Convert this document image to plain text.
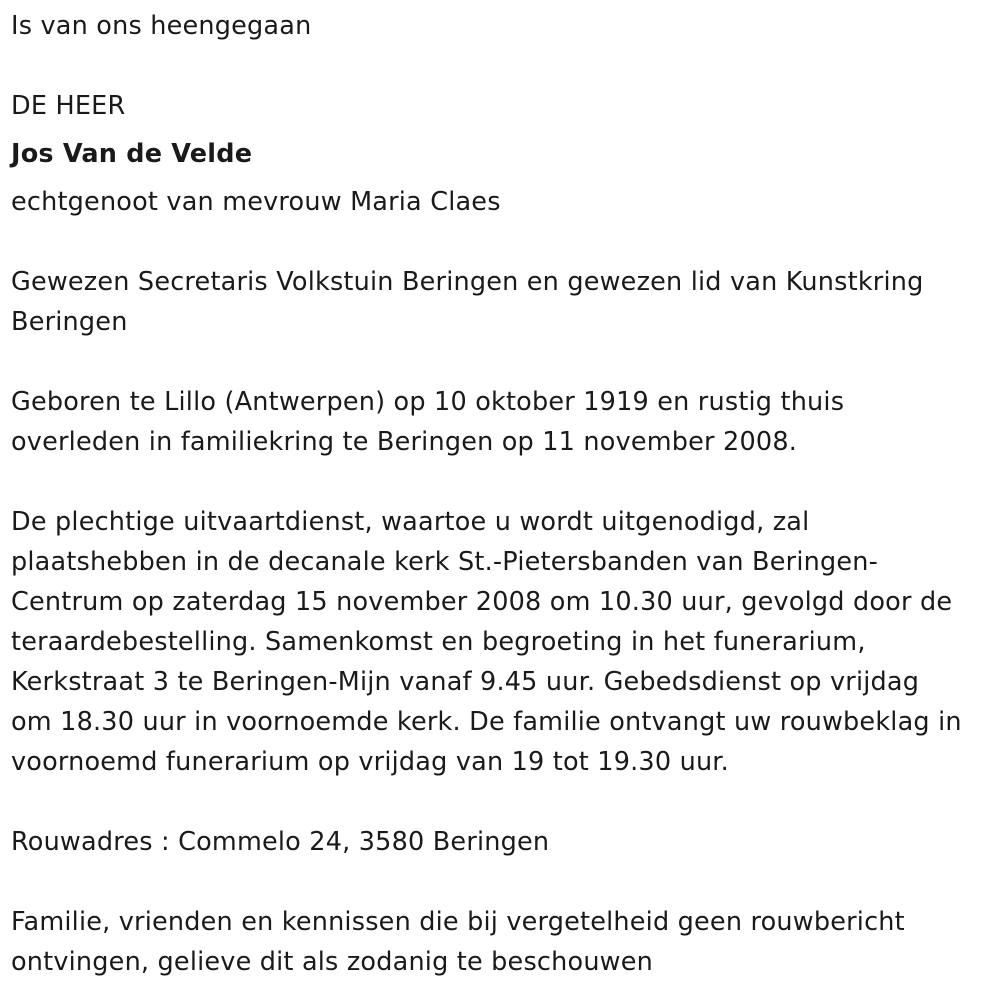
Is van ons heengegaan

DE HEER

Jos Van de Velde

echtgenoot van mevrouw Maria Claes

Gewezen Secretaris Volkstuin Beringen en gewezen lid van Kunstkring

Beringen

Geboren te Lillo (Antwerpen) op 10 oktober 1919 en rustig thuis

overleden in familiekring te Beringen op 11 november 2008.

De plechtige uitvaartdienst, waartoe u wordt uitgenodigd, zal

plaatshebben in de decanale kerk St.-Pietersbanden van Beringen-

Centrum op zaterdag 15 november 2008 om 10.30 uur, gevolgd door de

teraardebestelling. Samenkomst en begroeting in het funerarium,

Kerkstraat 3 te Beringen-Mijn vanaf 9.45 uur. Gebedsdienst op vrijdag

om 18.30 uur in voornoemde kerk. De familie ontvangt uw rouwbeklag in

voornoemd funerarium op vrijdag van 19 tot 19.30 uur.

Rouwadres : Commelo 24, 3580 Beringen

Familie, vrienden en kennissen die bij vergetelheid geen rouwbericht

ontvingen, gelieve dit als zodanig te beschouwen
